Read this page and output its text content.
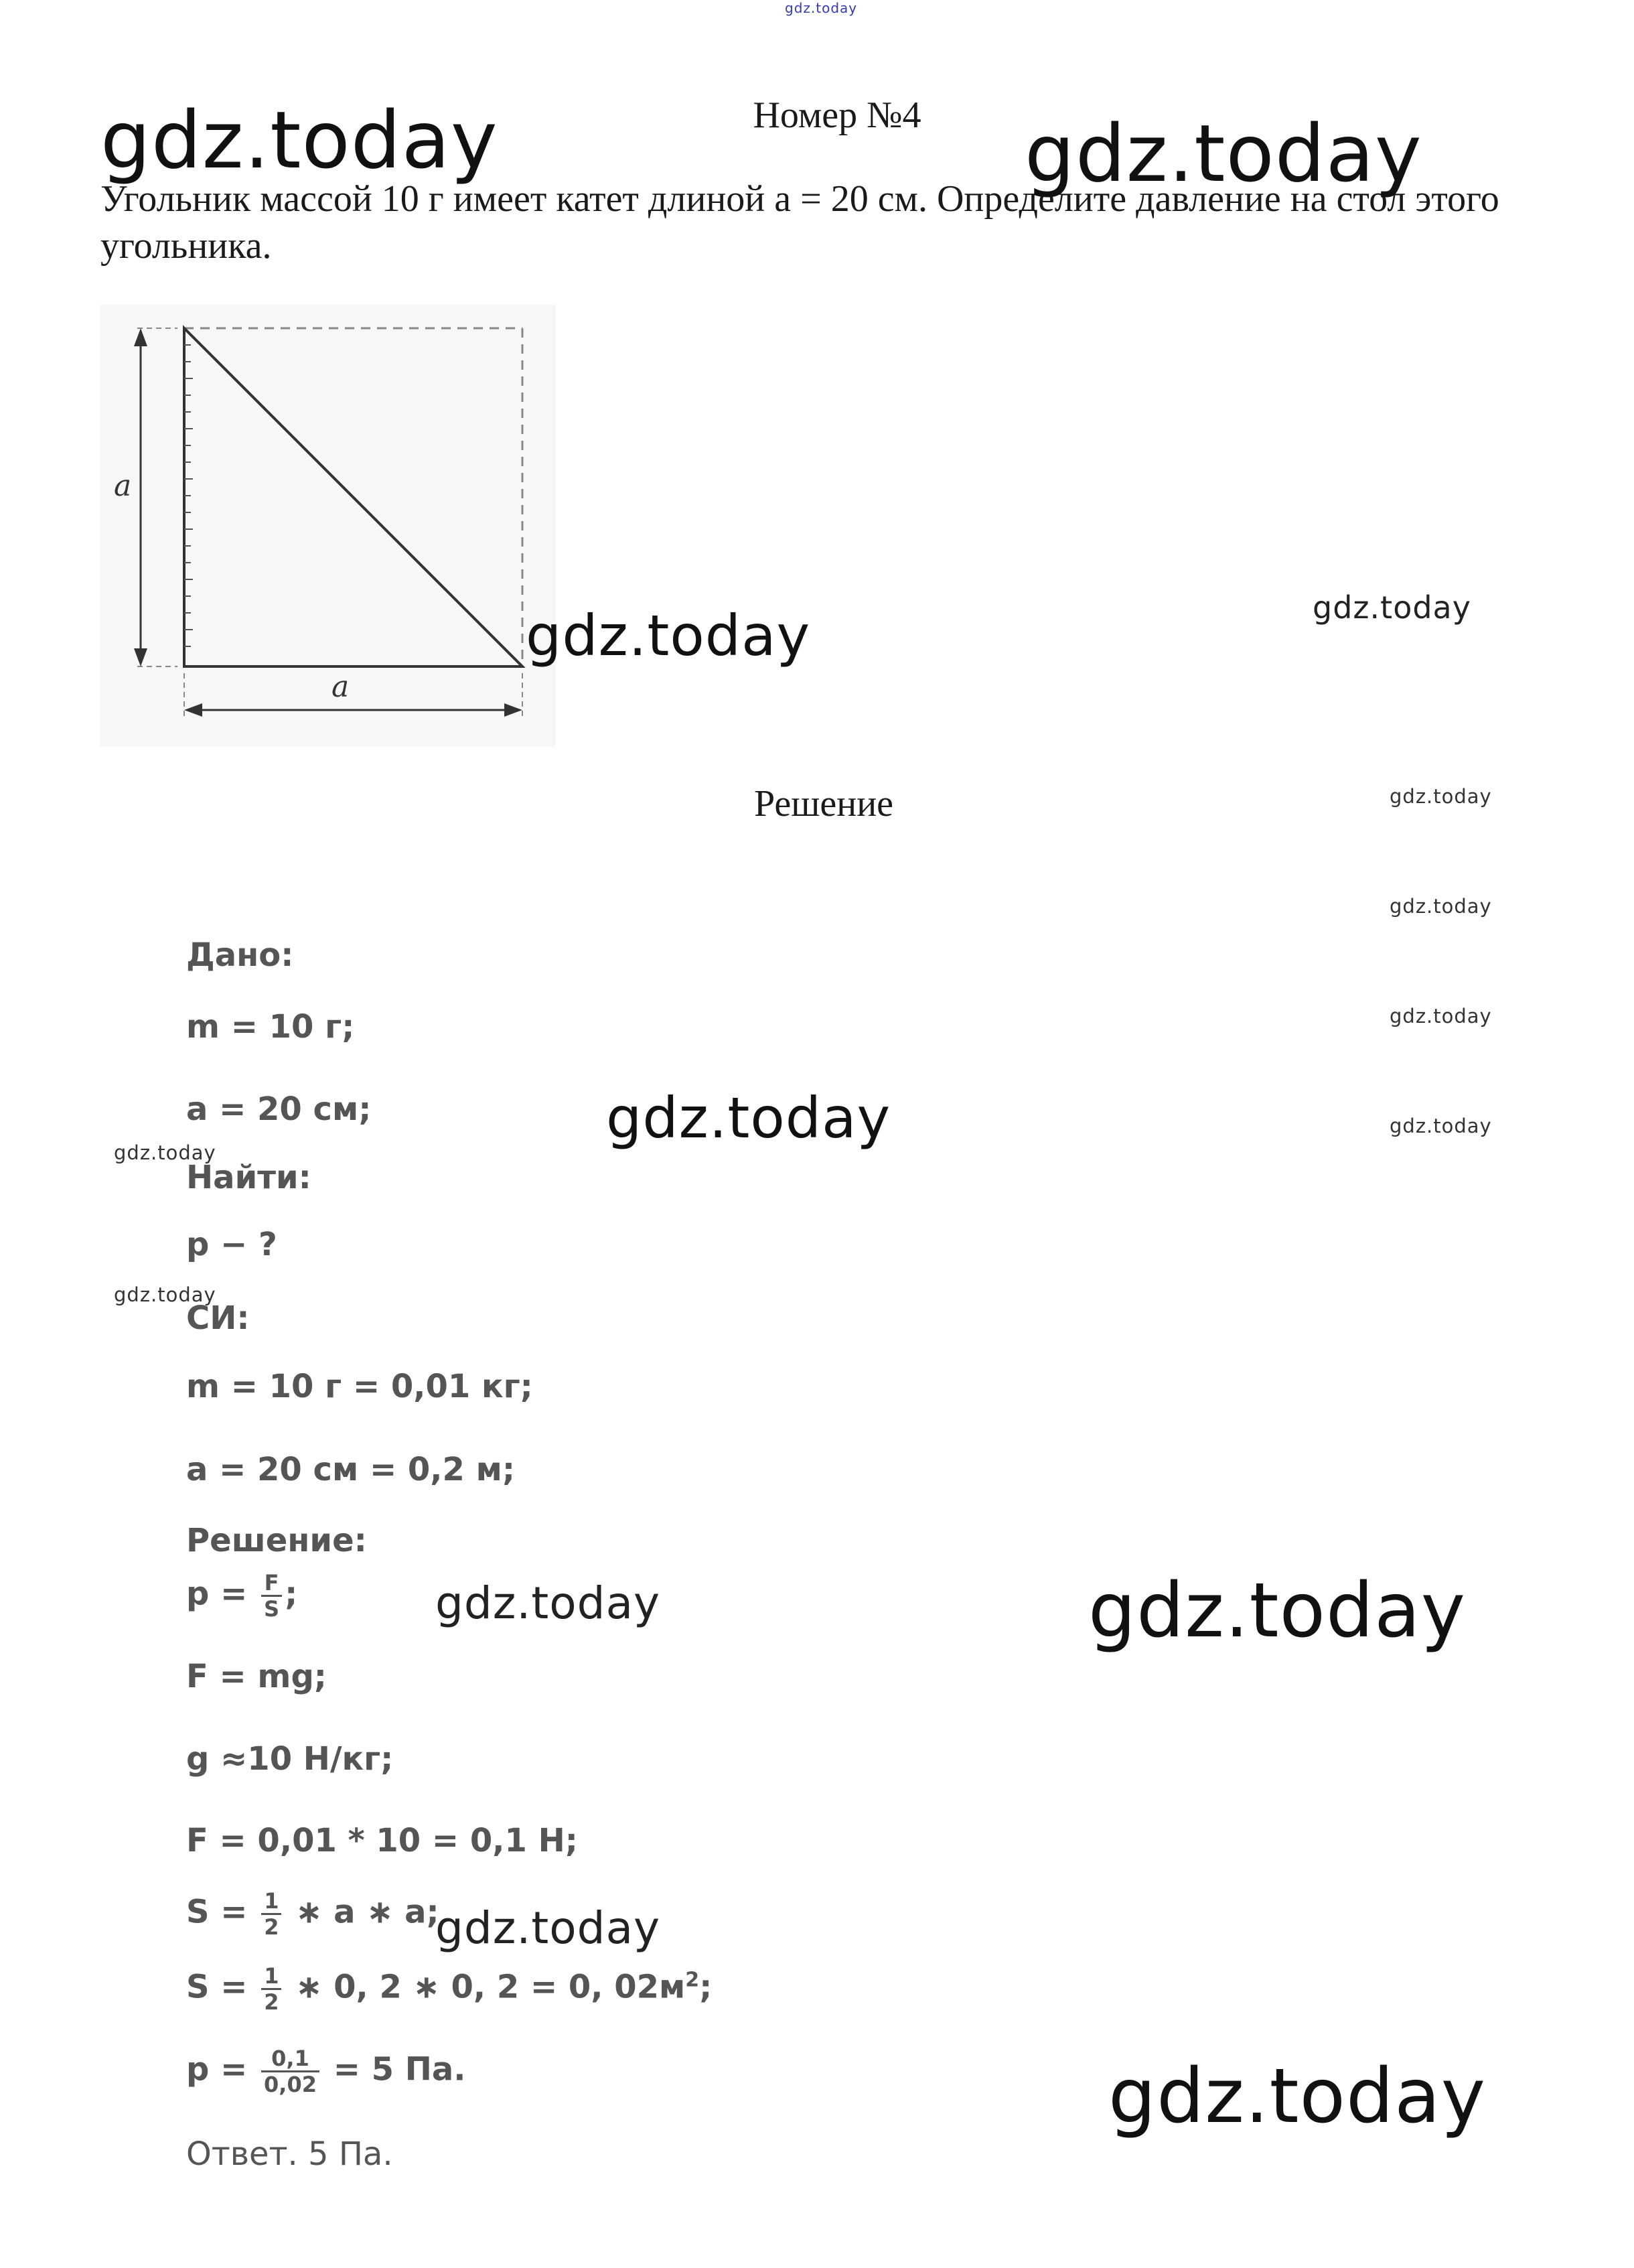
gdz.today
Номер №4
Угольник массой 10 г имеет катет длиной а = 20 см. Определите давление на стол этого угольника.
gdz.today	gdz.today
a
a
gdz.today	gdz.today
Решение	gdz.today
gdz.today
gdz.today
gdz.today
gdz.today
gdz.today
Дано:
m = 10 г;
а = 20 см;	gdz.today
Найти:
p − ?
СИ:
m = 10 г = 0,01 кг;
а = 20 см = 0,2 м;
Решение:
$p = \frac{F}{S}$ ;	gdz.today	gdz.today
F = mg;
g ≈10 Н/кг;
F = 0,01 * 10 = 0,1 Н;
$S = \frac{1}{2}$ ∗ a ∗ a;
gdz.today
$S = \frac{1}{2}$ ∗ 0, 2 ∗ 0, 2 = 0, $02м^2$;
$p = \frac{0,1}{0,02} = 5$ Па.	gdz.today
Ответ. 5 Па.
